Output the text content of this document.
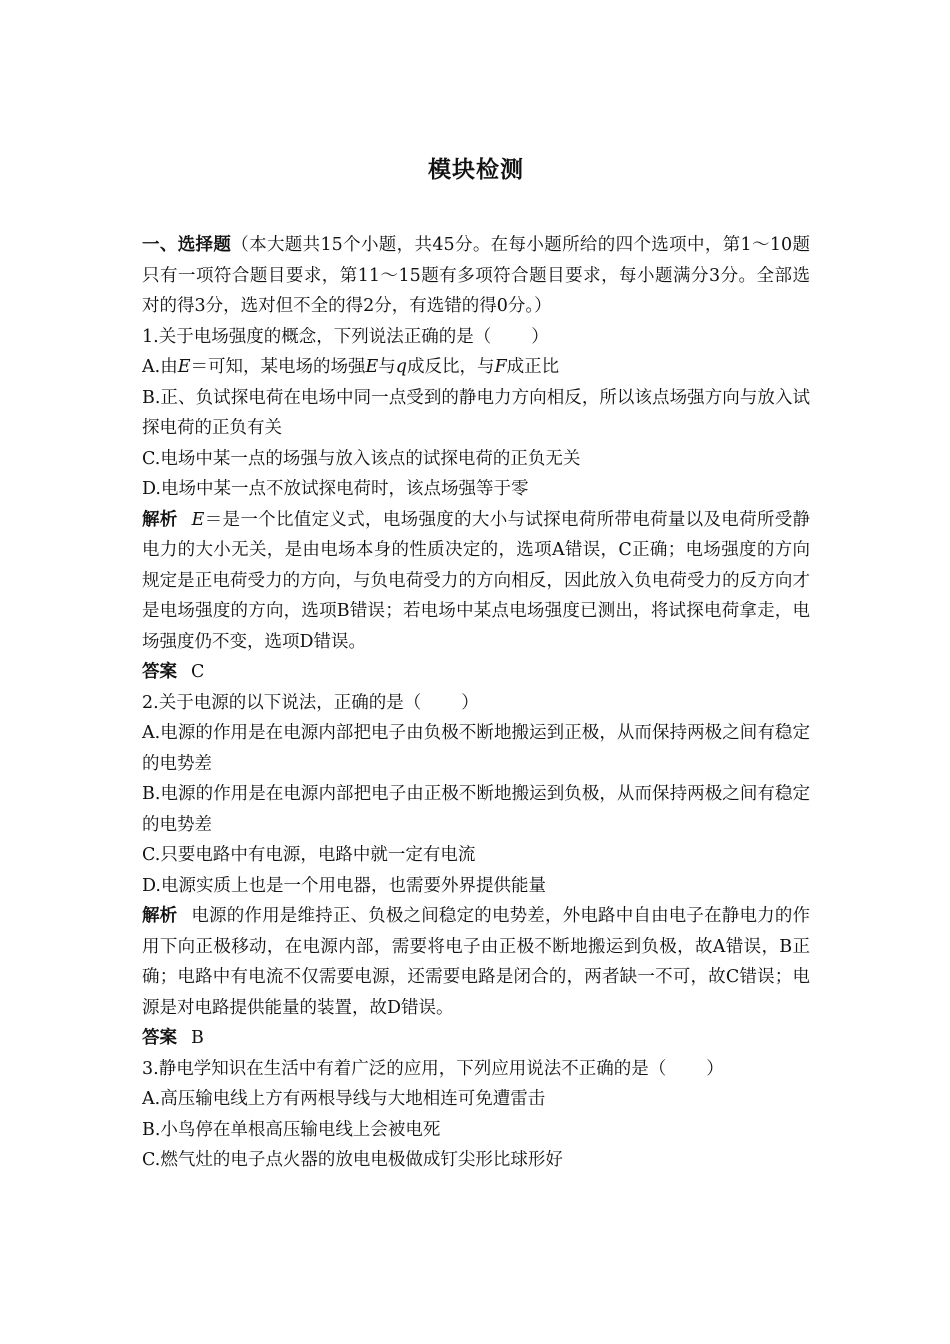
模块检测

一、选择题（本大题共15个小题，共45分。在每小题所给的四个选项中，第1～10题只有一项符合题目要求，第11～15题有多项符合题目要求，每小题满分3分。全部选对的得3分，选对但不全的得2分，有选错的得0分。）

1.关于电场强度的概念，下列说法正确的是（ ）

A.由E＝可知，某电场的场强E与q成反比，与F成正比

B.正、负试探电荷在电场中同一点受到的静电力方向相反，所以该点场强方向与放入试探电荷的正负有关

C.电场中某一点的场强与放入该点的试探电荷的正负无关

D.电场中某一点不放试探电荷时，该点场强等于零

解析 E＝是一个比值定义式，电场强度的大小与试探电荷所带电荷量以及电荷所受静电力的大小无关，是由电场本身的性质决定的，选项A错误，C正确；电场强度的方向规定是正电荷受力的方向，与负电荷受力的方向相反，因此放入负电荷受力的反方向才是电场强度的方向，选项B错误；若电场中某点电场强度已测出，将试探电荷拿走，电场强度仍不变，选项D错误。

答案 C

2.关于电源的以下说法，正确的是（ ）

A.电源的作用是在电源内部把电子由负极不断地搬运到正极，从而保持两极之间有稳定的电势差

B.电源的作用是在电源内部把电子由正极不断地搬运到负极，从而保持两极之间有稳定的电势差

C.只要电路中有电源，电路中就一定有电流

D.电源实质上也是一个用电器，也需要外界提供能量

解析 电源的作用是维持正、负极之间稳定的电势差，外电路中自由电子在静电力的作用下向正极移动，在电源内部，需要将电子由正极不断地搬运到负极，故A错误，B正确；电路中有电流不仅需要电源，还需要电路是闭合的，两者缺一不可，故C错误；电源是对电路提供能量的装置，故D错误。

答案 B

3.静电学知识在生活中有着广泛的应用，下列应用说法不正确的是（ ）

A.高压输电线上方有两根导线与大地相连可免遭雷击

B.小鸟停在单根高压输电线上会被电死

C.燃气灶的电子点火器的放电电极做成钉尖形比球形好
